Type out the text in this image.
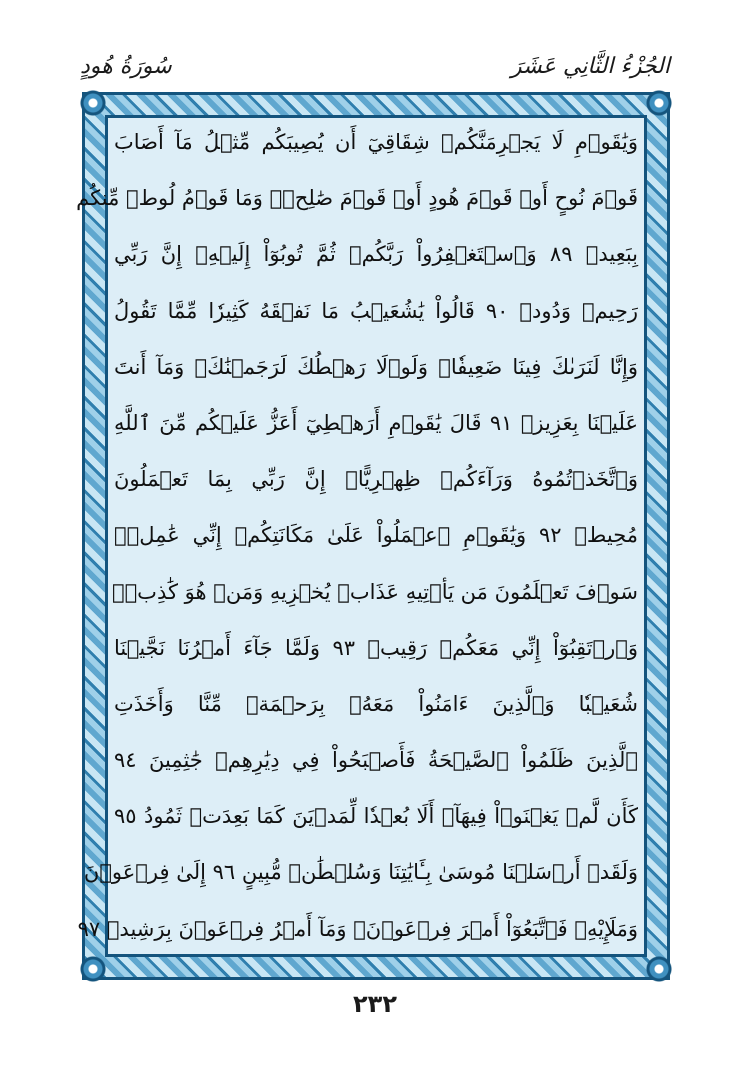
سُورَةُ هُودٍ	الجُزْءُ الثَّانِي عَشَرَ
وَيَٰقَوۡمِ لَا يَجۡرِمَنَّكُمۡ شِقَاقِيٓ أَن يُصِيبَكُم مِّثۡلُ مَآ أَصَابَ
قَوۡمَ نُوحٍ أَوۡ قَوۡمَ هُودٍ أَوۡ قَوۡمَ صَٰلِحٖۚ وَمَا قَوۡمُ لُوطٖ مِّنكُم
بِبَعِيدٖ ٨٩ وَٱسۡتَغۡفِرُواْ رَبَّكُمۡ ثُمَّ تُوبُوٓاْ إِلَيۡهِۚ إِنَّ رَبِّي
رَحِيمٞ وَدُودٞ ٩٠ قَالُواْ يَٰشُعَيۡبُ مَا نَفۡقَهُ كَثِيرٗا مِّمَّا تَقُولُ
وَإِنَّا لَنَرَىٰكَ فِينَا ضَعِيفٗاۖ وَلَوۡلَا رَهۡطُكَ لَرَجَمۡنَٰكَۖ وَمَآ أَنتَ
عَلَيۡنَا بِعَزِيزٖ ٩١ قَالَ يَٰقَوۡمِ أَرَهۡطِيٓ أَعَزُّ عَلَيۡكُم مِّنَ ٱللَّهِ
وَٱتَّخَذۡتُمُوهُ وَرَآءَكُمۡ ظِهۡرِيًّاۖ إِنَّ رَبِّي بِمَا تَعۡمَلُونَ
مُحِيطٞ ٩٢ وَيَٰقَوۡمِ ٱعۡمَلُواْ عَلَىٰ مَكَانَتِكُمۡ إِنِّي عَٰمِلٞۖ
سَوۡفَ تَعۡلَمُونَ مَن يَأۡتِيهِ عَذَابٞ يُخۡزِيهِ وَمَنۡ هُوَ كَٰذِبٞۖ
وَٱرۡتَقِبُوٓاْ إِنِّي مَعَكُمۡ رَقِيبٞ ٩٣ وَلَمَّا جَآءَ أَمۡرُنَا نَجَّيۡنَا
شُعَيۡبٗا وَٱلَّذِينَ ءَامَنُواْ مَعَهُۥ بِرَحۡمَةٖ مِّنَّا وَأَخَذَتِ
ٱلَّذِينَ ظَلَمُواْ ٱلصَّيۡحَةُ فَأَصۡبَحُواْ فِي دِيَٰرِهِمۡ جَٰثِمِينَ ٩٤
كَأَن لَّمۡ يَغۡنَوۡاْ فِيهَآۗ أَلَا بُعۡدٗا لِّمَدۡيَنَ كَمَا بَعِدَتۡ ثَمُودُ ٩٥
وَلَقَدۡ أَرۡسَلۡنَا مُوسَىٰ بِـَٔايَٰتِنَا وَسُلۡطَٰنٖ مُّبِينٍ ٩٦ إِلَىٰ فِرۡعَوۡنَ
وَمَلَإِيْهِۦ فَٱتَّبَعُوٓاْ أَمۡرَ فِرۡعَوۡنَۖ وَمَآ أَمۡرُ فِرۡعَوۡنَ بِرَشِيدٖ ٩٧
٢٣٢
